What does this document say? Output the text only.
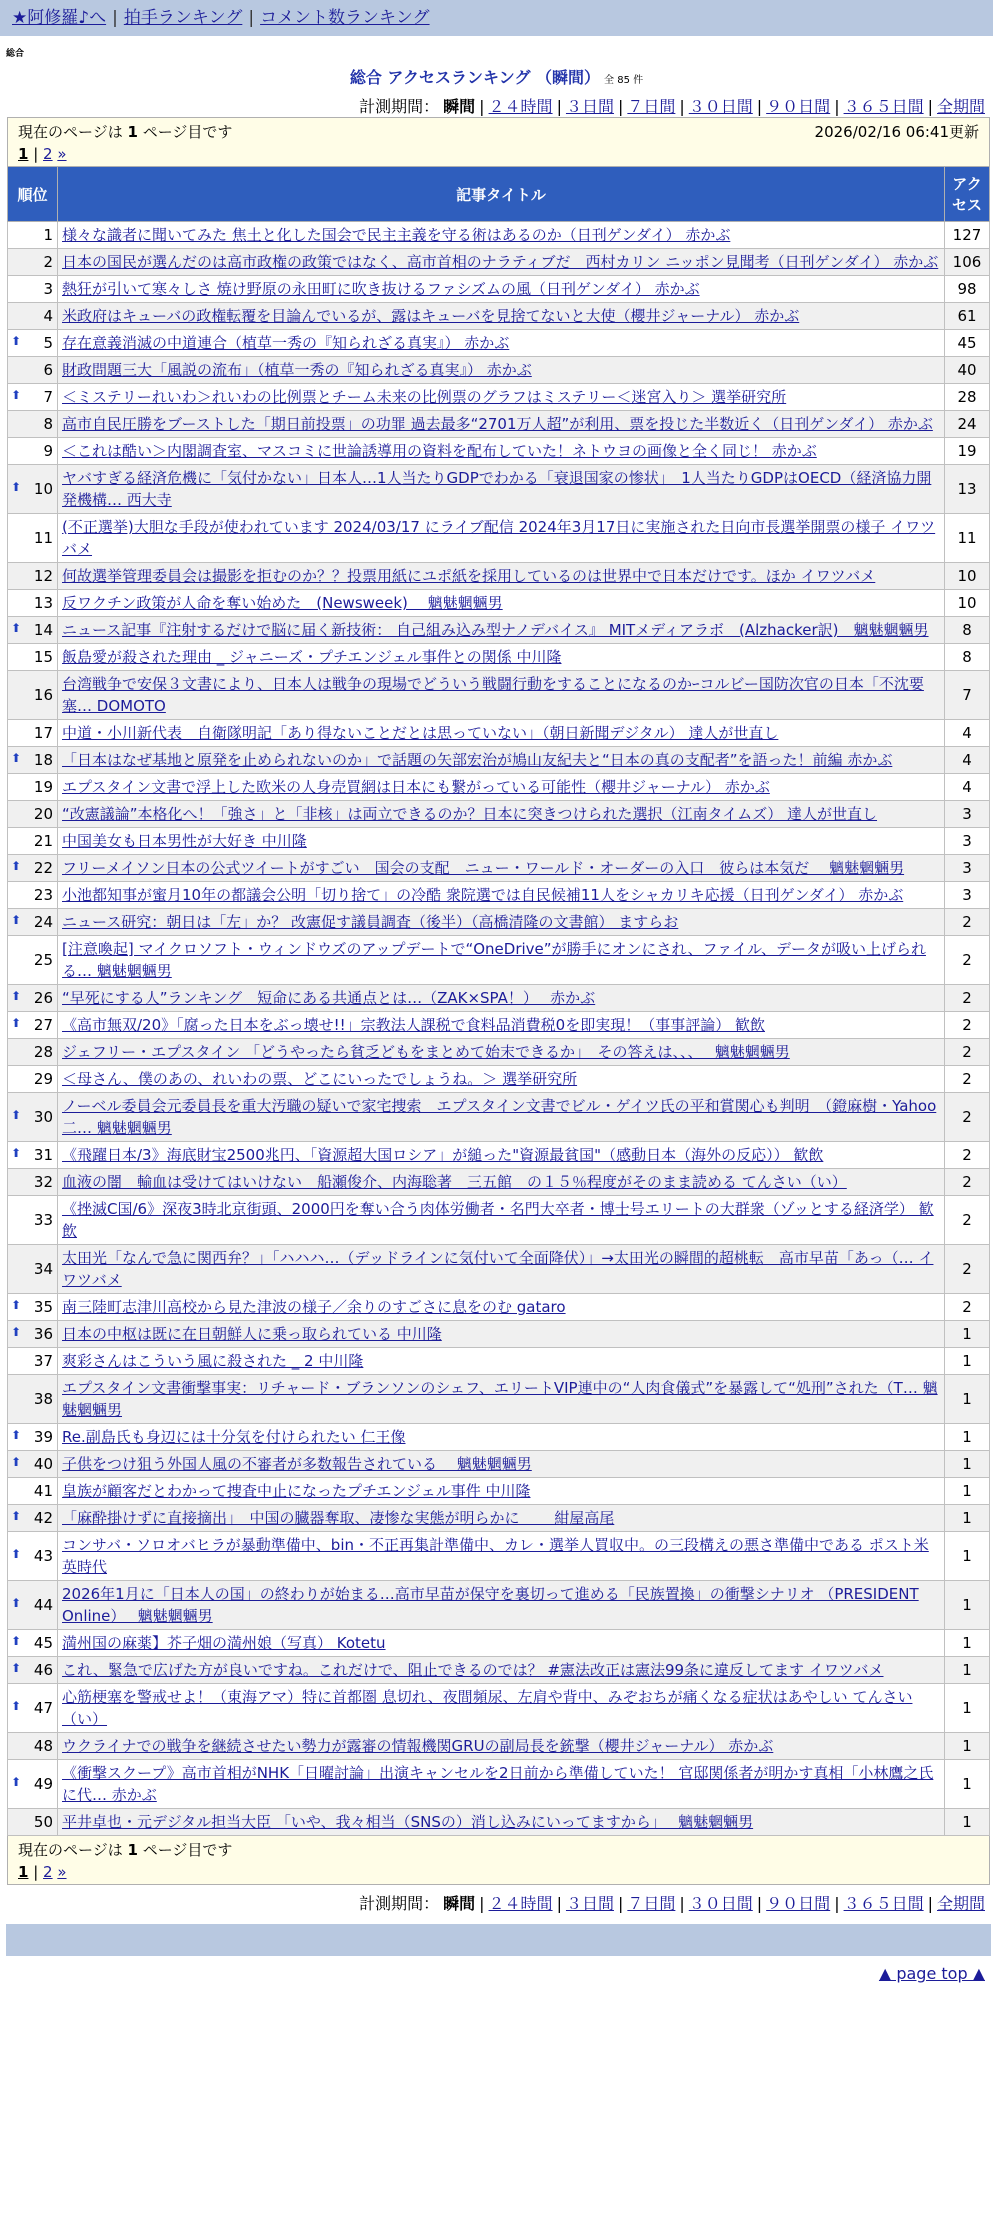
★阿修羅♪へ | 拍手ランキング | コメント数ランキング
総合
総合 アクセスランキング （瞬間） 全 85 件
計測期間： 瞬間 | ２４時間 | ３日間 | ７日間 | ３０日間 | ９０日間 | ３６５日間 | 全期間
現在のページは 1 ページ目です 2026/02/16 06:41更新
1 | 2 »		

順位	記事タイトル	アクセス
1	様々な識者に聞いてみた 焦土と化した国会で民主主義を守る術はあるのか（日刊ゲンダイ） 赤かぶ	127
2	日本の国民が選んだのは高市政権の政策ではなく、高市首相のナラティブだ　西村カリン ニッポン見聞考（日刊ゲンダイ） 赤かぶ	106
3	熱狂が引いて寒々しさ 焼け野原の永田町に吹き抜けるファシズムの風（日刊ゲンダイ） 赤かぶ	98
4	米政府はキューバの政権転覆を目論んでいるが、露はキューバを見捨てないと大使（櫻井ジャーナル） 赤かぶ	61

⬆ 5	存在意義消滅の中道連合（植草一秀の『知られざる真実』） 赤かぶ	45
6	財政問題三大「風説の流布」（植草一秀の『知られざる真実』） 赤かぶ	40

⬆ 7	＜ミステリーれいわ＞れいわの比例票とチーム未来の比例票のグラフはミステリー＜迷宮入り＞ 選挙研究所	28
8	高市自民圧勝をブーストした「期日前投票」の功罪 過去最多“2701万人超”が利用、票を投じた半数近く（日刊ゲンダイ） 赤かぶ	24
9	＜これは酷い＞内閣調査室、マスコミに世論誘導用の資料を配布していた！ネトウヨの画像と全く同じ！ 赤かぶ	19

⬆ 10	ヤバすぎる経済危機に「気付かない」日本人…1人当たりGDPでわかる「衰退国家の惨状」　1人当たりGDPはOECD（経済協力開発機構… 西大寺	13
11	(不正選挙)大胆な手段が使われています 2024/03/17 にライブ配信 2024年3月17日に実施された日向市長選挙開票の様子 イワツバメ	11
12	何故選挙管理委員会は撮影を拒むのか？？投票用紙にユポ紙を採用しているのは世界中で日本だけです。ほか イワツバメ	10
13	反ワクチン政策が人命を奪い始めた　(Newsweek)　 魑魅魍魎男	10

⬆ 14	ニュース記事『注射するだけで脳に届く新技術： 自己組み込み型ナノデバイス』 MITメディアラボ　(Alzhacker訳)　魑魅魍魎男	8
15	飯島愛が殺された理由 _ ジャニーズ・プチエンジェル事件との関係 中川隆	8
16	台湾戦争で安保３文書により、日本人は戦争の現場でどういう戦闘行動をすることになるのかｰコルビー国防次官の日本「不沈要塞… DOMOTO	7
17	中道・小川新代表　自衛隊明記「あり得ないことだとは思っていない」（朝日新聞デジタル） 達人が世直し	4

⬆ 18	「日本はなぜ基地と原発を止められないのか」で話題の矢部宏治が鳩山友紀夫と“日本の真の支配者”を語った！前編 赤かぶ	4
19	エプスタイン文書で浮上した欧米の人身売買網は日本にも繋がっている可能性（櫻井ジャーナル） 赤かぶ	4
20	“改憲議論”本格化へ！「強さ」と「非核」は両立できるのか？日本に突きつけられた選択（江南タイムズ） 達人が世直し	3
21	中国美女も日本男性が大好き 中川隆	3

⬆ 22	フリーメイソン日本の公式ツイートがすごい　国会の支配　ニュー・ワールド・オーダーの入口　彼らは本気だ　 魑魅魍魎男	3
23	小池都知事が蜜月10年の都議会公明「切り捨て」の冷酷 衆院選では自民候補11人をシャカリキ応援（日刊ゲンダイ） 赤かぶ	3

⬆ 24	ニュース研究：朝日は「左」か？ 改憲促す議員調査（後半）（高橋清隆の文書館） ますらお	2
25	[注意喚起] マイクロソフト・ウィンドウズのアップデートで“OneDrive”が勝手にオンにされ、ファイル、データが吸い上げられる… 魑魅魍魎男	2

⬆ 26	“早死にする人”ランキング　短命にある共通点とは…（ZAK×SPA！）　 赤かぶ	2

⬆ 27	《高市無双/20》「腐った日本をぶっ壊せ!!」宗教法人課税で食料品消費税0を即実現！（事事評論） 歓飲	2
28	ジェフリー・エプスタイン 「どうやったら貧乏どもをまとめて始末できるか」　その答えは、、、　 魑魅魍魎男	2
29	＜母さん、僕のあの、れいわの票、どこにいったでしょうね。＞ 選挙研究所	2

⬆ 30	ノーベル委員会元委員長を重大汚職の疑いで家宅捜索　エプスタイン文書でビル・ゲイツ氏の平和賞関心も判明　（鐙麻樹・Yahoo二… 魑魅魍魎男	2

⬆ 31	《飛躍日本/3》海底財宝2500兆円、「資源超大国ロシア」が縋った"資源最貧国"（感動日本（海外の反応）） 歓飲	2
32	血液の闇　輸血は受けてはいけない　船瀬俊介、内海聡著　三五館　の１５％程度がそのまま読める てんさい（い）	2
33	《挫滅C国/6》深夜3時北京街頭、2000円を奪い合う肉体労働者・名門大卒者・博士号エリートの大群衆（ゾッとする経済学） 歓飲	2
34	太田光「なんで急に関西弁？」「ハハハ…（デッドラインに気付いて全面降伏）」→太田光の瞬間的超桃転　高市早苗「あっ（… イワツバメ	2

⬆ 35	南三陸町志津川高校から見た津波の様子／余りのすごさに息をのむ gataro	2

⬆ 36	日本の中枢は既に在日朝鮮人に乗っ取られている 中川隆	1
37	爽彩さんはこういう風に殺された _ 2 中川隆	1
38	エプスタイン文書衝撃事実：リチャード・ブランソンのシェフ、エリートVIP連中の“人肉食儀式”を暴露して“処刑”された（T… 魑魅魍魎男	1

⬆ 39	Re.副島氏も身辺には十分気を付けられたい 仁王像	1

⬆ 40	子供をつけ狙う外国人風の不審者が多数報告されている　 魑魅魍魎男	1
41	皇族が顧客だとわかって捜査中止になったプチエンジェル事件 中川隆	1

⬆ 42	「麻酔掛けずに直接摘出」　中国の臓器奪取、凄惨な実態が明らかに　　 紺屋高尾	1

⬆ 43	コンサバ・ソロオバヒラが暴動準備中、bin・不正再集計準備中、カレ・選挙人買収中。の三段構えの悪さ準備中である ポスト米英時代	1

⬆ 44	2026年1月に「日本人の国」の終わりが始まる…高市早苗が保守を裏切って進める「民族置換」の衝撃シナリオ （PRESIDENT Online）　 魑魅魍魎男	1

⬆ 45	満州国の麻薬】芥子畑の満州娘（写真） Kotetu	1

⬆ 46	これ、緊急で広げた方が良いですね。これだけで、阻止できるのでは？ #憲法改正は憲法99条に違反してます イワツバメ	1

⬆ 47	心筋梗塞を警戒せよ！（東海アマ）特に首都圏 息切れ、夜間頻尿、左肩や背中、みぞおちが痛くなる症状はあやしい てんさい（い）	1
48	ウクライナでの戦争を継続させたい勢力が露審の情報機関GRUの副局長を銃撃（櫻井ジャーナル） 赤かぶ	1

⬆ 49	《衝撃スクープ》高市首相がNHK「日曜討論」出演キャンセルを2日前から準備していた！ 官邸関係者が明かす真相「小林鷹之氏に代… 赤かぶ	1
50	平井卓也・元デジタル担当大臣 「いや、我々相当（SNSの）消し込みにいってますから」　 魑魅魍魎男	1

現在のページは 1 ページ目です
1 | 2 »		
計測期間： 瞬間 | ２４時間 | ３日間 | ７日間 | ３０日間 | ９０日間 | ３６５日間 | 全期間
▲ page top ▲
